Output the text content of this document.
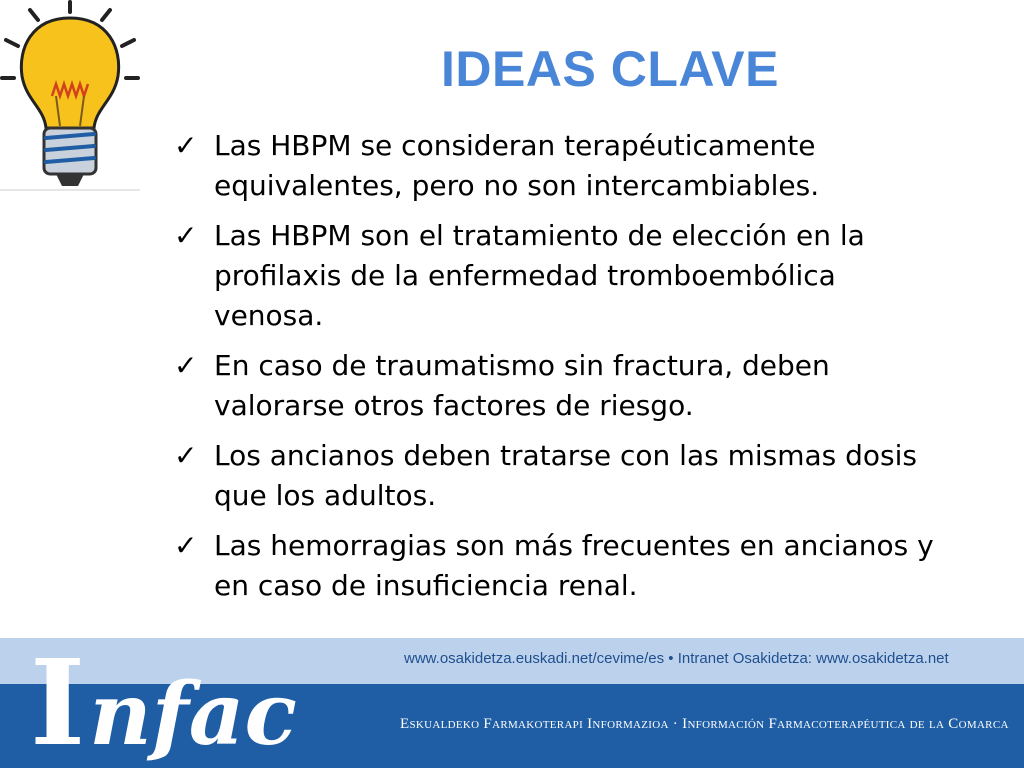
IDEAS CLAVE
✓ Las HBPM se consideran terapéuticamente equivalentes, pero no son intercambiables.
✓ Las HBPM son el tratamiento de elección en la profilaxis de la enfermedad tromboembólica venosa.
✓ En caso de traumatismo sin fractura, deben valorarse otros factores de riesgo.
✓ Los ancianos deben tratarse con las mismas dosis que los adultos.
✓ Las hemorragias son más frecuentes en ancianos y en caso de insuficiencia renal.
Infac
www.osakidetza.euskadi.net/cevime/es • Intranet Osakidetza: www.osakidetza.net
Eskualdeko Farmakoterapi Informazioa · Información Farmacoterapéutica de la Comarca
